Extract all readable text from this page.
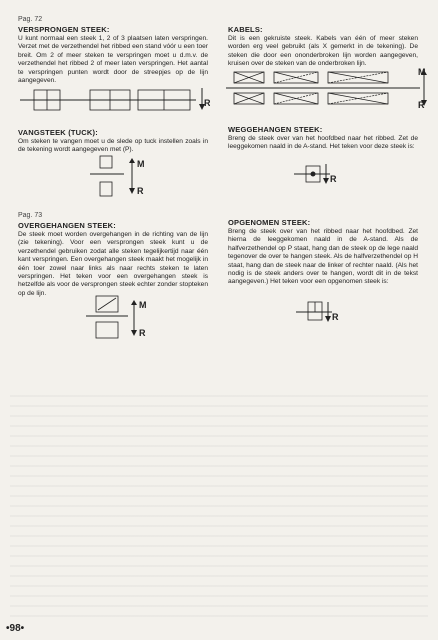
Pag. 72

VERSPRONGEN STEEK:

U kunt normaal een steek 1, 2 of 3 plaatsen laten verspringen. Verzet met de verzethendel het ribbed een stand vóór u een toer breit. Om 2 of meer steken te verspringen moet u d.m.v. de verzethendel het ribbed 2 of meer laten verspringen. Het aantal te verspringen punten wordt door de streepjes op de lijn aangegeven.

R

VANGSTEEK (TUCK):

Om steken te vangen moet u de slede op tuck instellen zoals in de tekening wordt aangegeven met (P).

M
R

Pag. 73

OVERGEHANGEN STEEK:

De steek moet worden overgehangen in de richting van de lijn (zie tekening). Voor een versprongen steek kunt u de verzethendel gebruiken zodat alle steken tegelijkertijd naar één kant verspringen. Een overgehangen steek maakt het mogelijk in één toer zowel naar links als naar rechts steken te laten verspringen. Het teken voor een overgehangen steek is hetzelfde als voor de versprongen steek echter zonder stopteken op de lijn.

M
R

KABELS:

Dit is een gekruiste steek. Kabels van één of meer steken worden erg veel gebruikt (als X gemerkt in de tekening). De steken die door een ononderbroken lijn worden aangegeven, kruisen over de steken van de onderbroken lijn.

M
R

WEGGEHANGEN STEEK:

Breng de steek over van het hoofdbed naar het ribbed. Zet de leeggekomen naald in de A-stand. Het teken voor deze steek is:

R

OPGENOMEN STEEK:

Breng de steek over van het ribbed naar het hoofdbed. Zet hierna de leeggekomen naald in de A-stand. Als de halfverzethendel op P staat, hang dan de steek op de lege naald tegenover de over te hangen steek. Als de halfverzethendel op H staat, hang dan de steek naar de linker of rechter naald. (Als het nodig is de steek anders over te hangen, wordt dit in de tekst aangegeven.) Het teken voor een opgenomen steek is:

R
•98•
